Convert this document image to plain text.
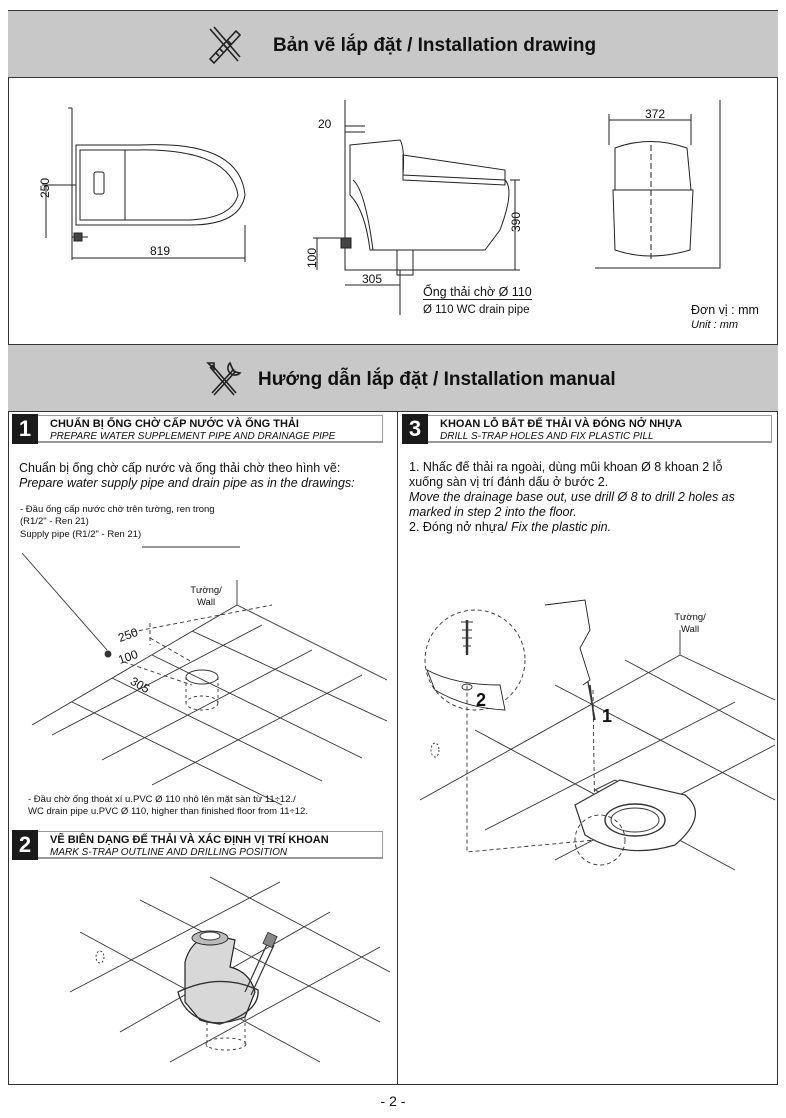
Bản vẽ lắp đặt / Installation drawing
250
819
20
390
100
305
Ống thải chờ Ø 110
Ø 110 WC drain pipe
372
Đơn vị : mm
Unit : mm
Hướng dẫn lắp đặt / Installation manual
1	CHUẨN BỊ ỐNG CHỜ CẤP NƯỚC VÀ ỐNG THẢI
PREPARE WATER SUPPLEMENT PIPE AND DRAINAGE PIPE
Chuẩn bị ống chờ cấp nước và ống thải chờ theo hình vẽ:
Prepare water supply pipe and drain pipe as in the drawings:
- Đầu ống cấp nước chờ trên tường, ren trong
(R1/2" - Ren 21)
Supply pipe (R1/2" - Ren 21)
Tường/
Wall
250
100
305
- Đầu chờ ống thoát xí u.PVC Ø 110 nhô lên mặt sàn từ 11÷12./
WC drain pipe u.PVC Ø 110, higher than finished floor from 11÷12.
2	VẼ BIÊN DẠNG ĐẾ THẢI VÀ XÁC ĐỊNH VỊ TRÍ KHOAN
MARK S-TRAP OUTLINE AND DRILLING POSITION
3	KHOAN LỖ BẮT ĐẾ THẢI VÀ ĐÓNG NỞ NHỰA
DRILL S-TRAP HOLES AND FIX PLASTIC PILL
1. Nhấc đế thải ra ngoài, dùng mũi khoan Ø 8 khoan 2 lỗ
xuống sàn vị trí đánh dấu ở bước 2.
Move the drainage base out, use drill Ø 8 to drill 2 holes as
marked in step 2 into the floor.
2. Đóng nở nhựa/ Fix the plastic pin.
Tường/
Wall
1
2
- 2 -
